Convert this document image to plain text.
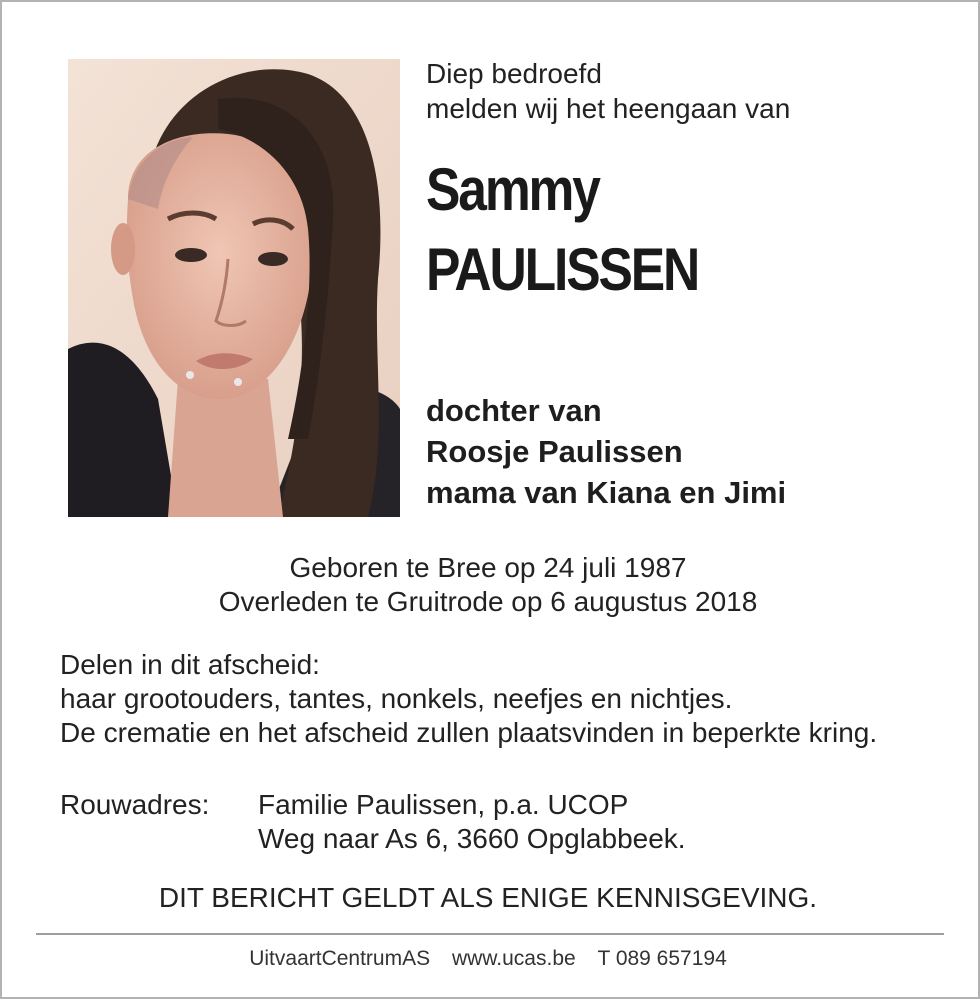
Diep bedroefd
melden wij het heengaan van
Sammy
PAULISSEN
dochter van
Roosje Paulissen
mama van Kiana en Jimi
Geboren te Bree op 24 juli 1987
Overleden te Gruitrode op 6 augustus 2018
Delen in dit afscheid:
haar grootouders, tantes, nonkels, neefjes en nichtjes.
De crematie en het afscheid zullen plaatsvinden in beperkte kring.
Rouwadres: Familie Paulissen, p.a. UCOP
Weg naar As 6, 3660 Opglabbeek.
DIT BERICHT GELDT ALS ENIGE KENNISGEVING.
UitvaartCentrumAS www.ucas.be T 089 657194
